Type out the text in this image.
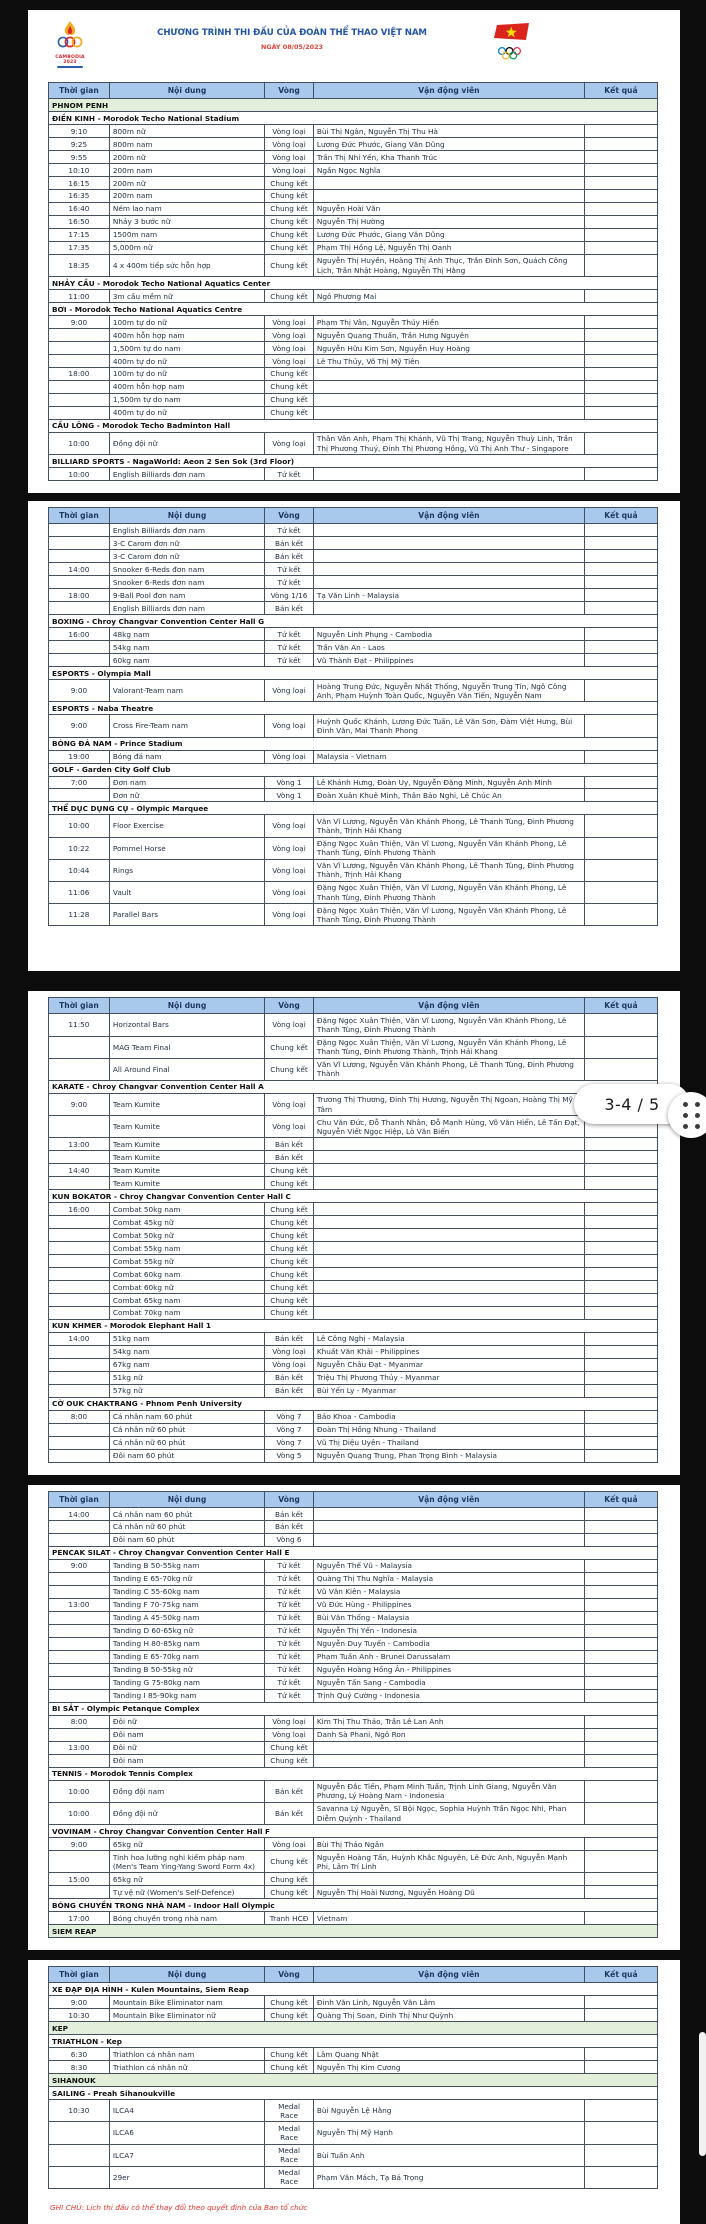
CAMBODIA 2023
CHƯƠNG TRÌNH THI ĐẤU CỦA ĐOÀN THỂ THAO VIỆT NAM
NGÀY 08/05/2023
Thời gian	Nội dung	Vòng	Vận động viên	Kết quả
PHNOM PENH				
ĐIỀN KINH - Morodok Techo National Stadium				
9:10	800m nữ	Vòng loại	Bùi Thị Ngân, Nguyễn Thị Thu Hà	
9:25	800m nam	Vòng loại	Lương Đức Phước, Giang Văn Dũng	
9:55	200m nữ	Vòng loại	Trần Thị Nhi Yến, Kha Thanh Trúc	
10:10	200m nam	Vòng loại	Ngần Ngọc Nghĩa	
16:15	200m nữ	Chung kết		
16:35	200m nam	Chung kết		
16:40	Ném lao nam	Chung kết	Nguyễn Hoài Văn	
16:50	Nhảy 3 bước nữ	Chung kết	Nguyễn Thị Hường	
17:15	1500m nam	Chung kết	Lương Đức Phước, Giang Văn Dũng	
17:35	5,000m nữ	Chung kết	Phạm Thị Hồng Lệ, Nguyễn Thị Oanh	
18:35	4 x 400m tiếp sức hỗn hợp	Chung kết	Nguyễn Thị Huyền, Hoàng Thị Ánh Thục, Trần Đình Sơn, Quách Công Lịch, Trần Nhật Hoàng, Nguyễn Thị Hằng	
NHẢY CẦU - Morodok Techo National Aquatics Center				
11:00	3m cầu mềm nữ	Chung kết	Ngô Phương Mai	
BƠI - Morodok Techo National Aquatics Centre				
9:00	100m tự do nữ	Vòng loại	Phạm Thị Vân, Nguyễn Thúy Hiền	
	400m hỗn hợp nam	Vòng loại	Nguyễn Quang Thuấn, Trần Hưng Nguyên	
	1,500m tự do nam	Vòng loại	Nguyễn Hữu Kim Sơn, Nguyễn Huy Hoàng	
	400m tự do nữ	Vòng loại	Lê Thu Thủy, Võ Thị Mỹ Tiên	
18:00	100m tự do nữ	Chung kết		
	400m hỗn hợp nam	Chung kết		
	1,500m tự do nam	Chung kết		
	400m tự do nữ	Chung kết		
CẦU LÔNG - Morodok Techo Badminton Hall				
10:00	Đồng đội nữ	Vòng loại	Thân Vân Anh, Phạm Thị Khánh, Vũ Thị Trang, Nguyễn Thuỳ Linh, Trần Thị Phương Thuý, Đinh Thị Phương Hồng, Vũ Thị Anh Thư - Singapore	
BILLIARD SPORTS - NagaWorld: Aeon 2 Sen Sok (3rd Floor)				
10:00	English Billiards đơn nam	Tứ kết		
Thời gian	Nội dung	Vòng	Vận động viên	Kết quả
	English Billiards đơn nam	Tứ kết		
	3-C Carom đơn nữ	Bán kết		
	3-C Carom đơn nữ	Bán kết		
14:00	Snooker 6-Reds đơn nam	Tứ kết		
	Snooker 6-Reds đơn nam	Tứ kết		
18:00	9-Ball Pool đơn nam	Vòng 1/16	Tạ Văn Linh - Malaysia	
	English Billiards đơn nam	Bán kết		
BOXING - Chroy Changvar Convention Center Hall G				
16:00	48kg nam	Tứ kết	Nguyễn Linh Phụng - Cambodia	
	54kg nam	Tứ kết	Trần Văn An - Laos	
	60kg nam	Tứ kết	Vũ Thành Đạt - Philippines	
ESPORTS - Olympia Mall				
9:00	Valorant-Team nam	Vòng loại	Hoàng Trung Đức, Nguyễn Nhất Thống, Nguyễn Trung Tín, Ngô Công Anh, Phạm Huỳnh Toàn Quốc, Nguyễn Văn Tiến, Nguyễn Nam	
ESPORTS - Naba Theatre				
9:00	Cross Fire-Team nam	Vòng loại	Huỳnh Quốc Khánh, Lương Đức Tuấn, Lê Văn Sơn, Đàm Việt Hưng, Bùi Đình Văn, Mai Thanh Phong	
BÓNG ĐÁ NAM - Prince Stadium				
19:00	Bóng đá nam	Vòng loại	Malaysia - Vietnam	
GOLF - Garden City Golf Club				
7:00	Đơn nam	Vòng 1	Lê Khánh Hưng, Đoàn Uy, Nguyễn Đặng Minh, Nguyễn Anh Minh	
	Đơn nữ	Vòng 1	Đoàn Xuân Khuê Minh, Thân Bảo Nghi, Lê Chúc An	
THỂ DỤC DỤNG CỤ - Olympic Marquee				
10:00	Floor Exercise	Vòng loại	Văn Vĩ Lương, Nguyễn Văn Khánh Phong, Lê Thanh Tùng, Đinh Phương Thành, Trịnh Hải Khang	
10:22	Pommel Horse	Vòng loại	Đặng Ngọc Xuân Thiện, Văn Vĩ Lương, Nguyễn Văn Khánh Phong, Lê Thanh Tùng, Đinh Phương Thành	
10:44	Rings	Vòng loại	Văn Vĩ Lương, Nguyễn Văn Khánh Phong, Lê Thanh Tùng, Đinh Phương Thành, Trịnh Hải Khang	
11:06	Vault	Vòng loại	Đặng Ngọc Xuân Thiện, Văn Vĩ Lương, Nguyễn Văn Khánh Phong, Lê Thanh Tùng, Đinh Phương Thành	
11:28	Parallel Bars	Vòng loại	Đặng Ngọc Xuân Thiện, Văn Vĩ Lương, Nguyễn Văn Khánh Phong, Lê Thanh Tùng, Đinh Phương Thành	
Thời gian	Nội dung	Vòng	Vận động viên	Kết quả
11:50	Horizontal Bars	Vòng loại	Đặng Ngọc Xuân Thiện, Văn Vĩ Lương, Nguyễn Văn Khánh Phong, Lê Thanh Tùng, Đinh Phương Thành	
	MAG Team Final	Chung kết	Đặng Ngọc Xuân Thiện, Văn Vĩ Lương, Nguyễn Văn Khánh Phong, Lê Thanh Tùng, Đinh Phương Thành, Trịnh Hải Khang	
	All Around Final	Chung kết	Văn Vĩ Lương, Nguyễn Văn Khánh Phong, Lê Thanh Tùng, Đinh Phương Thành	
KARATE - Chroy Changvar Convention Center Hall A				
9:00	Team Kumite	Vòng loại	Trương Thị Thương, Đinh Thị Hương, Nguyễn Thị Ngoan, Hoàng Thị Mỹ Tâm	
	Team Kumite	Vòng loại	Chu Văn Đức, Đỗ Thanh Nhân, Đỗ Mạnh Hùng, Võ Văn Hiển, Lê Tấn Đạt, Nguyễn Viết Ngọc Hiệp, Lò Văn Biến	
13:00	Team Kumite	Bán kết		
	Team Kumite	Bán kết		
14:40	Team Kumite	Chung kết		
	Team Kumite	Chung kết		
KUN BOKATOR - Chroy Changvar Convention Center Hall C				
16:00	Combat 50kg nam	Chung kết		
	Combat 45kg nữ	Chung kết		
	Combat 50kg nữ	Chung kết		
	Combat 55kg nam	Chung kết		
	Combat 55kg nữ	Chung kết		
	Combat 60kg nam	Chung kết		
	Combat 60kg nữ	Chung kết		
	Combat 65kg nam	Chung kết		
	Combat 70kg nam	Chung kết		
KUN KHMER - Morodok Elephant Hall 1				
14:00	51kg nam	Bán kết	Lê Công Nghị - Malaysia	
	54kg nam	Vòng loại	Khuất Văn Khải - Philippines	
	67kg nam	Vòng loại	Nguyễn Châu Đạt - Myanmar	
	51kg nữ	Bán kết	Triệu Thị Phương Thủy - Myanmar	
	57kg nữ	Bán kết	Bùi Yến Ly - Myanmar	
CỜ OUK CHAKTRANG - Phnom Penh University				
8:00	Cá nhân nam 60 phút	Vòng 7	Bảo Khoa - Cambodia	
	Cá nhân nữ 60 phút	Vòng 7	Đoàn Thị Hồng Nhung - Thailand	
	Cá nhân nữ 60 phút	Vòng 7	Vũ Thị Diệu Uyên - Thailand	
	Đôi nam 60 phút	Vòng 5	Nguyễn Quang Trung, Phan Trọng Bình - Malaysia	
Thời gian	Nội dung	Vòng	Vận động viên	Kết quả
14:00	Cá nhân nam 60 phút	Bán kết		
	Cá nhân nữ 60 phút	Bán kết		
	Đôi nam 60 phút	Vòng 6		
PENCAK SILAT - Chroy Changvar Convention Center Hall E				
9:00	Tanding B 50-55kg nam	Tứ kết	Nguyễn Thế Vũ - Malaysia	
	Tanding E 65-70kg nữ	Tứ kết	Quàng Thị Thu Nghĩa - Malaysia	
	Tanding C 55-60kg nam	Tứ kết	Vũ Văn Kiên - Malaysia	
13:00	Tanding F 70-75kg nam	Tứ kết	Vũ Đức Hùng - Philippines	
	Tanding A 45-50kg nam	Tứ kết	Bùi Văn Thống - Malaysia	
	Tanding D 60-65kg nữ	Tứ kết	Nguyễn Thị Yến - Indonesia	
	Tanding H 80-85kg nam	Tứ kết	Nguyễn Duy Tuyến - Cambodia	
	Tanding E 65-70kg nam	Tứ kết	Phạm Tuấn Anh - Brunei Darussalam	
	Tanding B 50-55kg nữ	Tứ kết	Nguyễn Hoàng Hồng Ân - Philippines	
	Tanding G 75-80kg nam	Tứ kết	Nguyễn Tấn Sang - Cambodia	
	Tanding I 85-90kg nam	Tứ kết	Trịnh Quý Cường - Indonesia	
BI SẮT - Olympic Petanque Complex				
8:00	Đôi nữ	Vòng loại	Kim Thị Thu Thảo, Trần Lê Lan Anh	
	Đôi nam	Vòng loại	Danh Sà Phani, Ngô Ron	
13:00	Đôi nữ	Chung kết		
	Đôi nam	Chung kết		
TENNIS - Morodok Tennis Complex				
10:00	Đồng đội nam	Bán kết	Nguyễn Đắc Tiến, Phạm Minh Tuấn, Trịnh Linh Giang, Nguyễn Văn Phương, Lý Hoàng Nam - Indonesia	
10:00	Đồng đội nữ	Bán kết	Savanna Lý Nguyễn, Sĩ Bội Ngọc, Sophia Huỳnh Trần Ngọc Nhi, Phan Diễm Quỳnh - Thailand	
VOVINAM - Chroy Changvar Convention Center Hall F				
9:00	65kg nữ	Vòng loại	Bùi Thị Thảo Ngân	
	Tinh hoa lưỡng nghi kiếm pháp nam (Men's Team Ying-Yang Sword Form 4x)	Chung kết	Nguyễn Hoàng Tấn, Huỳnh Khắc Nguyên, Lê Đức Anh, Nguyễn Mạnh Phi, Lâm Trí Linh	
15:00	65kg nữ	Chung kết		
	Tự vệ nữ (Women's Self-Defence)	Chung kết	Nguyễn Thị Hoài Nương, Nguyễn Hoàng Dũ	
BÓNG CHUYỀN TRONG NHÀ NAM - Indoor Hall Olympic				
17:00	Bóng chuyền trong nhà nam	Tranh HCĐ	Vietnam	
SIEM REAP				
Thời gian	Nội dung	Vòng	Vận động viên	Kết quả
XE ĐẠP ĐỊA HÌNH - Kulen Mountains, Siem Reap				
9:00	Mountain Bike Eliminator nam	Chung kết	Đinh Văn Linh, Nguyễn Văn Lâm	
10:30	Mountain Bike Eliminator nữ	Chung kết	Quàng Thị Soan, Đinh Thị Như Quỳnh	
KEP				
TRIATHLON - Kep				
6:30	Triathlon cá nhân nam	Chung kết	Lâm Quang Nhật	
8:30	Triathlon cá nhân nữ	Chung kết	Nguyễn Thị Kim Cương	
SIHANOUK				
SAILING - Preah Sihanoukville				
10:30	ILCA4	Medal Race	Bùi Nguyễn Lệ Hằng	
	ILCA6	Medal Race	Nguyễn Thị Mỹ Hạnh	
	ILCA7	Medal Race	Bùi Tuấn Anh	
	29er	Medal Race	Phạm Văn Mách, Tạ Bá Trọng	
GHI CHÚ: Lịch thi đấu có thể thay đổi theo quyết định của Ban tổ chức
3-4 / 5
